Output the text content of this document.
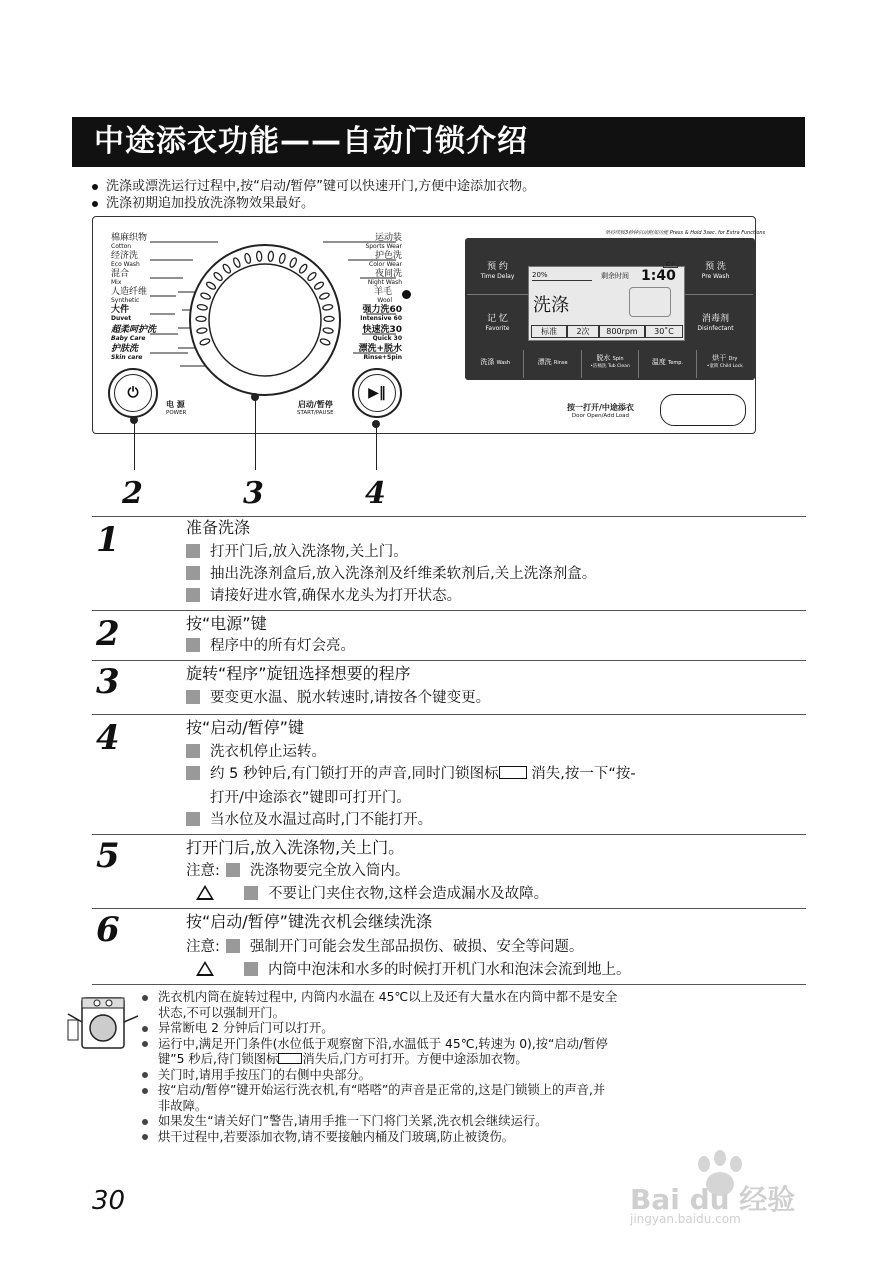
中途添衣功能——自动门锁介绍
洗涤或漂洗运行过程中,按“启动/暂停”键可以快速开门,方便中途添加衣物。
洗涤初期追加投放洗涤物效果最好。
棉麻织物
Cotton
经济洗
Eco Wash
混合
Mix
人造纤维
Synthetic
大件
Duvet
超柔呵护洗
Baby Care
护肤洗
Skin care
运动装
Sports Wear
护色洗
Color Wear
夜间洗
Night Wash
羊毛
Wool
强力洗60
Intensive 60
快速洗30
Quick 30
漂洗+脱水
Rinse+Spin
⏻
电 源
POWER
▶‖
启动/暂停
START/PAUSE
单持续按3秒钟启动附加功能 Press & Hold 3sec. for Extra Functions
预 约
Time Delay
预 洗
Pre Wash
记 忆
Favorite
消毒剂
Disinfectant
20%	剩余时间 1:40
⊏◦
洗涤
标准	2次	800rpm	30˚C
洗涤 Wash	漂洗 Rinse
脱水 Spin
•洁桶洗 Tub Clean
温度 Temp.
烘干 Dry
•童锁 Child Lock
按一打开/中途添衣
Door Open/Add Load
2	3	4
1	准备洗涤
打开门后,放入洗涤物,关上门。
抽出洗涤剂盒后,放入洗涤剂及纤维柔软剂后,关上洗涤剂盒。
请接好进水管,确保水龙头为打开状态。
2	按“电源”键
程序中的所有灯会亮。
3	旋转“程序”旋钮选择想要的程序
要变更水温、脱水转速时,请按各个键变更。
4	按“启动/暂停”键
洗衣机停止运转。
约 5 秒钟后,有门锁打开的声音,同时门锁图标 消失,按一下“按-
打开/中途添衣”键即可打开门。
当水位及水温过高时,门不能打开。
5	打开门后,放入洗涤物,关上门。
注意: 洗涤物要完全放入筒内。
不要让门夹住衣物,这样会造成漏水及故障。
6	按“启动/暂停”键洗衣机会继续洗涤
注意: 强制开门可能会发生部品损伤、破损、安全等问题。
内筒中泡沫和水多的时候打开机门水和泡沫会流到地上。
洗衣机内筒在旋转过程中, 内筒内水温在 45℃以上及还有大量水在内筒中都不是安全
状态,不可以强制开门。
异常断电 2 分钟后门可以打开。
运行中,满足开门条件(水位低于观察窗下沿,水温低于 45℃,转速为 0),按“启动/暂停
键”5 秒后,待门锁图标 消失后,门方可打开。方便中途添加衣物。
关门时,请用手按压门的右侧中央部分。
按“启动/暂停”键开始运行洗衣机,有“嗒嗒”的声音是正常的,这是门锁锁上的声音,并
非故障。
如果发生“请关好门”警告,请用手推一下门将门关紧,洗衣机会继续运行。
烘干过程中,若要添加衣物,请不要接触内桶及门玻璃,防止被烫伤。
30	Bai du 经验
jingyan.baidu.com
